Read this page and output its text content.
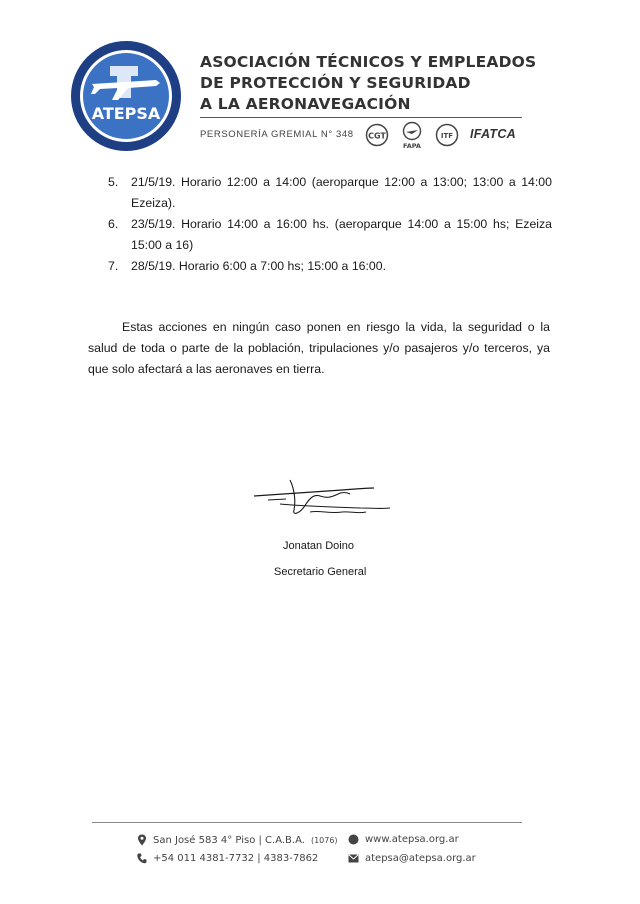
ATEPSA
ASOCIACIÓN TÉCNICOS Y EMPLEADOS
DE PROTECCIÓN Y SEGURIDAD
A LA AERONAVEGACIÓN
PERSONERÍA GREMIAL N° 348 CGT
FAPA
ITF IFATCA
5.	21/5/19. Horario 12:00 a 14:00 (aeroparque 12:00 a 13:00; 13:00 a 14:00 Ezeiza).
6.	23/5/19. Horario 14:00 a 16:00 hs. (aeroparque 14:00 a 15:00 hs; Ezeiza 15:00 a 16)
7.	28/5/19. Horario 6:00 a 7:00 hs; 15:00 a 16:00.
Estas acciones en ningún caso ponen en riesgo la vida, la seguridad o la salud de toda o parte de la población, tripulaciones y/o pasajeros y/o terceros, ya que solo afectará a las aeronaves en tierra.
Jonatan Doino
Secretario General
San José 583 4° Piso | C.A.B.A. (1076)
+54 011 4381-7732 | 4383-7862
www.atepsa.org.ar
atepsa@atepsa.org.ar
